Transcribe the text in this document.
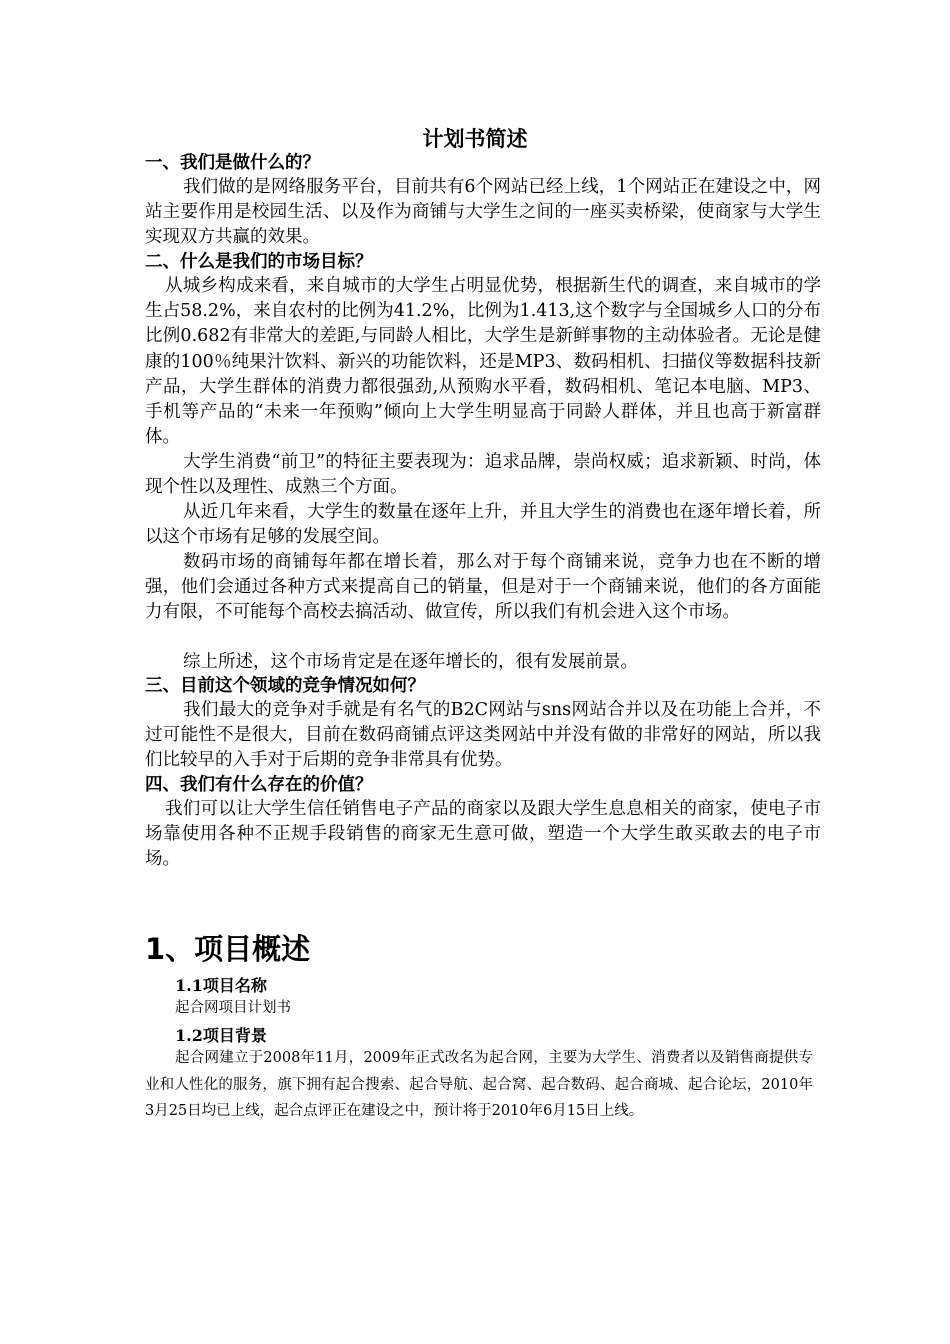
计划书简述
一、我们是做什么的？
我们做的是网络服务平台，目前共有6个网站已经上线，1个网站正在建设之中，网站主要作用是校园生活、以及作为商铺与大学生之间的一座买卖桥梁，使商家与大学生实现双方共赢的效果。
二、什么是我们的市场目标？
从城乡构成来看，来自城市的大学生占明显优势，根据新生代的调查，来自城市的学生占58.2%，来自农村的比例为41.2%，比例为1.413,这个数字与全国城乡人口的分布比例0.682有非常大的差距,与同龄人相比，大学生是新鲜事物的主动体验者。无论是健康的100％纯果汁饮料、新兴的功能饮料，还是MP3、数码相机、扫描仪等数据科技新产品，大学生群体的消费力都很强劲,从预购水平看，数码相机、笔记本电脑、MP3、手机等产品的“未来一年预购”倾向上大学生明显高于同龄人群体，并且也高于新富群体。
大学生消费“前卫”的特征主要表现为：追求品牌，崇尚权威；追求新颖、时尚，体现个性以及理性、成熟三个方面。
从近几年来看，大学生的数量在逐年上升，并且大学生的消费也在逐年增长着，所以这个市场有足够的发展空间。
数码市场的商铺每年都在增长着，那么对于每个商铺来说，竞争力也在不断的增强，他们会通过各种方式来提高自己的销量，但是对于一个商铺来说，他们的各方面能力有限，不可能每个高校去搞活动、做宣传，所以我们有机会进入这个市场。
综上所述，这个市场肯定是在逐年增长的，很有发展前景。
三、目前这个领域的竞争情况如何？
我们最大的竞争对手就是有名气的B2C网站与sns网站合并以及在功能上合并，不过可能性不是很大，目前在数码商铺点评这类网站中并没有做的非常好的网站，所以我们比较早的入手对于后期的竞争非常具有优势。
四、我们有什么存在的价值？
我们可以让大学生信任销售电子产品的商家以及跟大学生息息相关的商家，使电子市场靠使用各种不正规手段销售的商家无生意可做，塑造一个大学生敢买敢去的电子市场。
1、项目概述
1.1项目名称
起合网项目计划书
1.2项目背景
起合网建立于2008年11月，2009年正式改名为起合网，主要为大学生、消费者以及销售商提供专业和人性化的服务，旗下拥有起合搜索、起合导航、起合窝、起合数码、起合商城、起合论坛，2010年3月25日均已上线，起合点评正在建设之中，预计将于2010年6月15日上线。
